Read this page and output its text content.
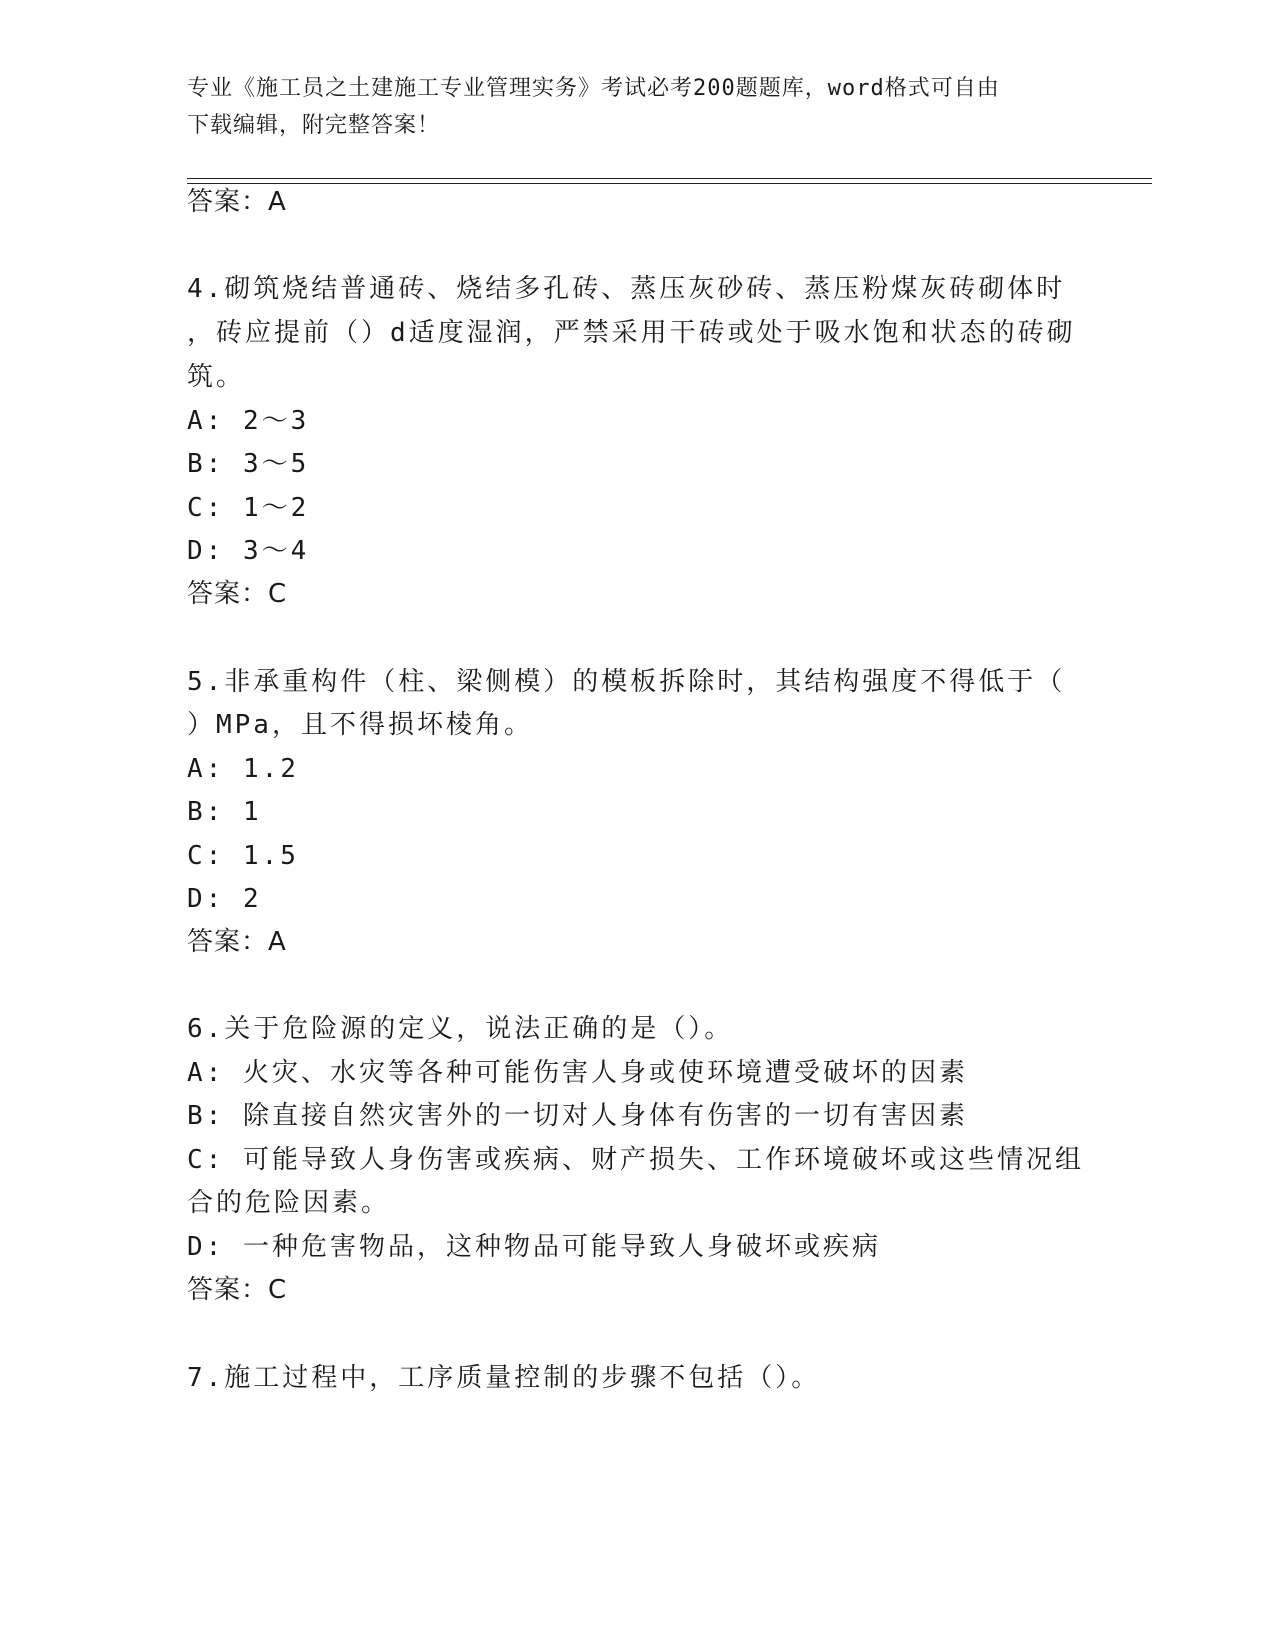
专业《施工员之土建施工专业管理实务》考试必考200题题库，word格式可自由
下载编辑，附完整答案！
答案：A
4.砌筑烧结普通砖、烧结多孔砖、蒸压灰砂砖、蒸压粉煤灰砖砌体时
，砖应提前（）d适度湿润，严禁采用干砖或处于吸水饱和状态的砖砌
筑。
A: 2～3
B: 3～5
C: 1～2
D: 3～4
答案：C
5.非承重构件（柱、梁侧模）的模板拆除时，其结构强度不得低于（
）MPa，且不得损坏棱角。
A: 1.2
B: 1
C: 1.5
D: 2
答案：A
6.关于危险源的定义，说法正确的是（）。
A: 火灾、水灾等各种可能伤害人身或使环境遭受破坏的因素
B: 除直接自然灾害外的一切对人身体有伤害的一切有害因素
C: 可能导致人身伤害或疾病、财产损失、工作环境破坏或这些情况组
合的危险因素。
D: 一种危害物品，这种物品可能导致人身破坏或疾病
答案：C
7.施工过程中，工序质量控制的步骤不包括（）。
